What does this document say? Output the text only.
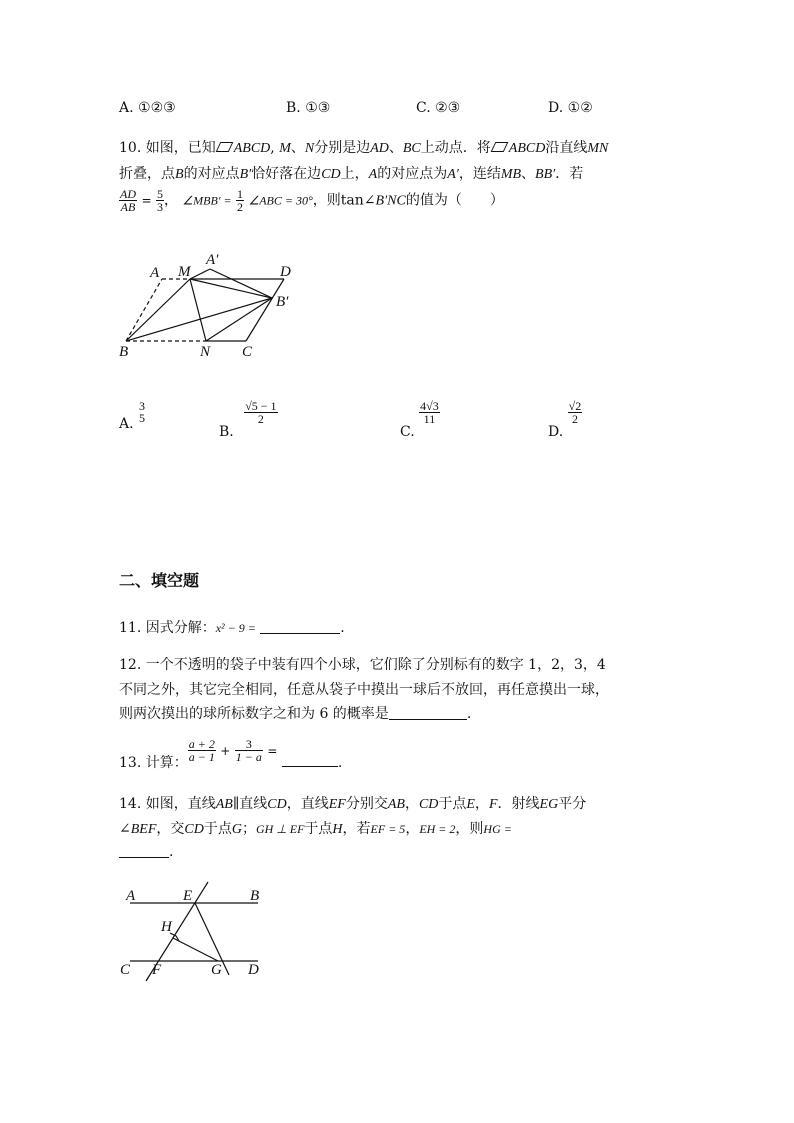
A. ①②③	B. ①③	C. ②③	D. ①②
10. 如图，已知 ABCD, M、N分别是边AD、BC上动点．将 ABCD沿直线MN
折叠，点B的对应点B′恰好落在边CD上，A的对应点为A′，连结MB、BB′．若
$\frac{AD}{AB} = \frac{5}{3}$ ， ∠MBB′ = $\frac{1}{2}$ ∠ABC = 30°，则tan∠B′NC的值为（　　）
A M
A′
D
B′
B	N C
A.
3
5
B.
$\frac{√5 - 1}{2}$
C.
$\frac{4√3}{11}$
D.
$\frac{√2}{2}$
二、填空题
11. 因式分解：x² − 9 =	.
12. 一个不透明的袋子中装有四个小球，它们除了分别标有的数字 1，2，3，4
不同之外，其它完全相同，任意从袋子中摸出一球后不放回，再任意摸出一球，
则两次摸出的球所标数字之和为 6 的概率是	.
13. 计算： $\frac{a + 2}{a - 1} + \frac{3}{1 - a}$ = .
14. 如图，直线AB∥直线CD，直线EF分别交AB，CD于点E，F．射线EG平分
∠BEF，交CD于点G；GH ⊥ EF于点H，若EF = 5，EH = 2，则HG =
.
A	E	B
H
C F	G D
